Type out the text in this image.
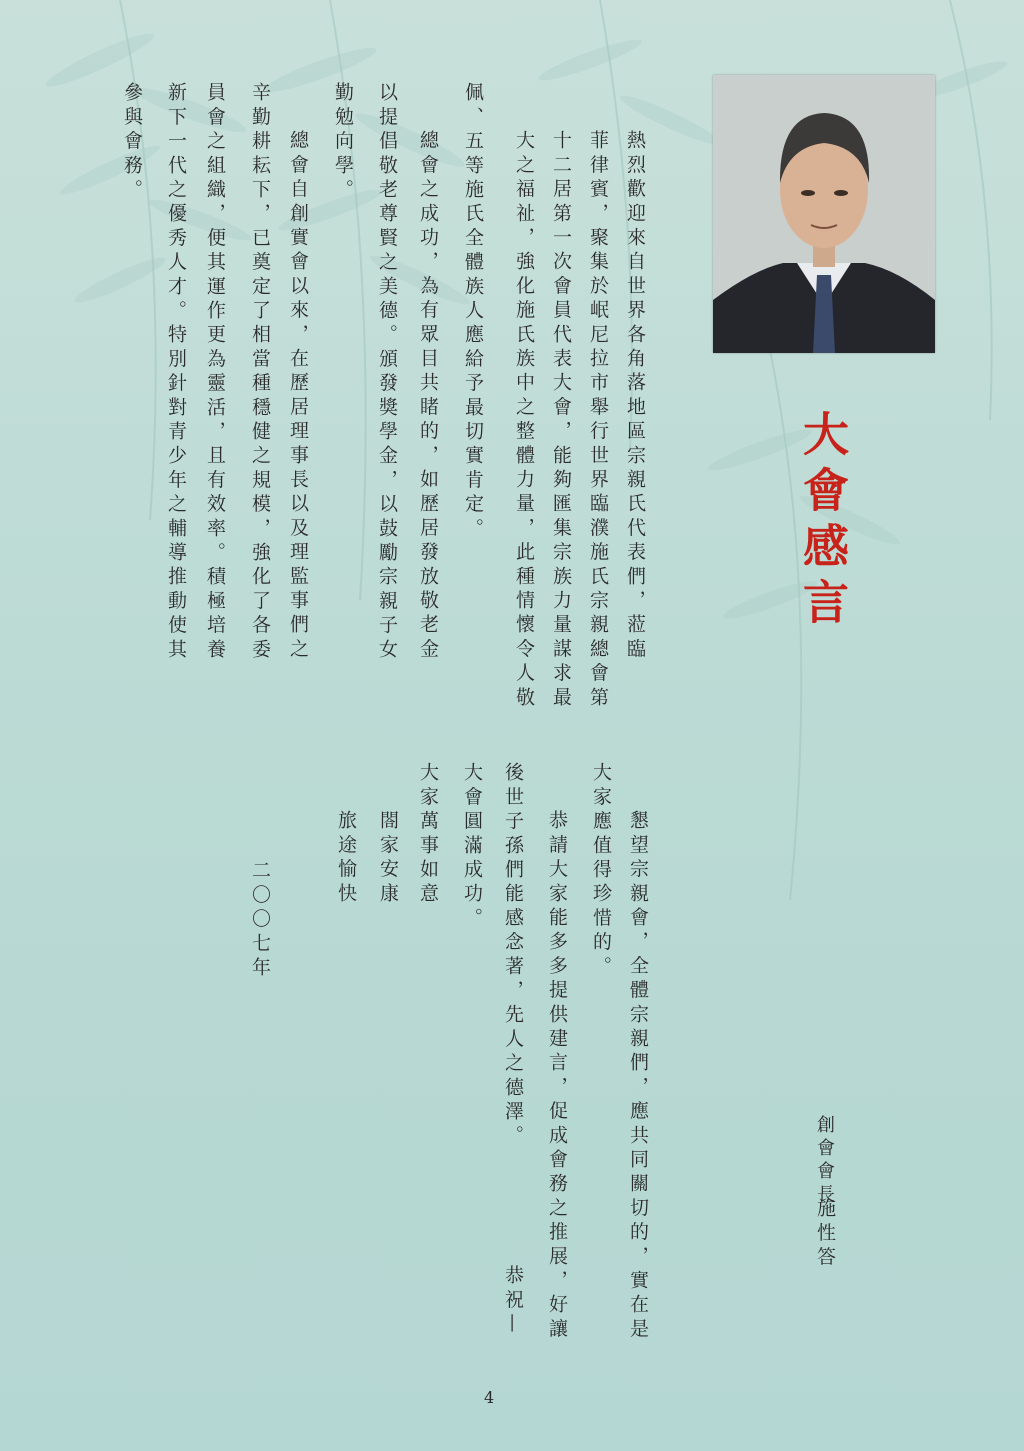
大會感言
創會會長
施性答
熱烈歡迎來自世界各角落地區宗親氏代表們，蒞臨
菲律賓，聚集於岷尼拉市舉行世界臨濮施氏宗親總會第
十二居第一次會員代表大會，能夠匯集宗族力量謀求最
大之福祉，強化施氏族中之整體力量，此種情懷令人敬
佩、五等施氏全體族人應給予最切實肯定。
總會之成功，為有眾目共睹的，如歷居發放敬老金
以提倡敬老尊賢之美德。頒發獎學金，以鼓勵宗親子女
勤勉向學。
總會自創實會以來，在歷居理事長以及理監事們之
辛勤耕耘下，已奠定了相當種穩健之規模，強化了各委
員會之組織，便其運作更為靈活，且有效率。積極培養
新下一代之優秀人才。特別針對青少年之輔導推動使其
參與會務。
懇望宗親會，全體宗親們，應共同關切的，實在是
大家應值得珍惜的。
恭請大家能多多提供建言，促成會務之推展，好讓
後世子孫們能感念著，先人之德澤。
恭祝—
大會圓滿成功。
大家萬事如意
閤家安康
旅途愉快
二〇〇七年
4
